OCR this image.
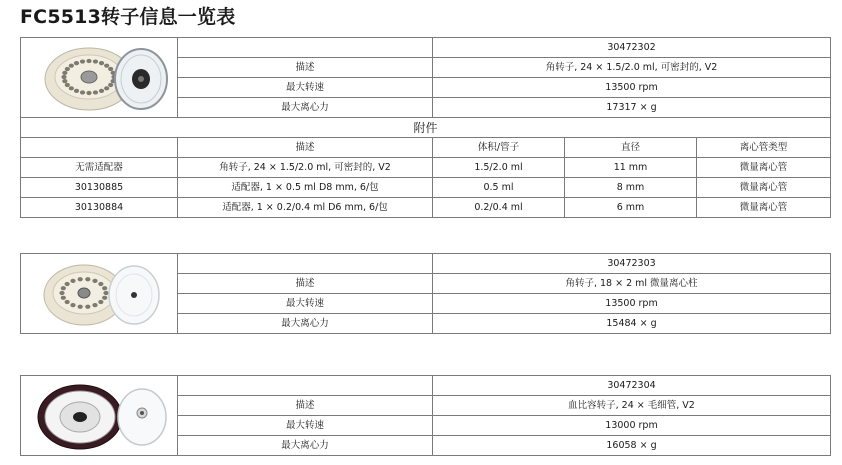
FC5513转子信息一览表
		30472302		
	描述	角转子, 24 × 1.5/2.0 ml, 可密封的, V2		
	最大转速	13500 rpm		
	最大离心力	17317 × g		
附件				
	描述	体积/管子	直径	离心管类型
无需适配器	角转子, 24 × 1.5/2.0 ml, 可密封的, V2	1.5/2.0 ml	11 mm	微量离心管
30130885	适配器, 1 × 0.5 ml D8 mm, 6/包	0.5 ml	8 mm	微量离心管
30130884	适配器, 1 × 0.2/0.4 ml D6 mm, 6/包	0.2/0.4 ml	6 mm	微量离心管
		30472303
	描述	角转子, 18 × 2 ml 微量离心柱
	最大转速	13500 rpm
	最大离心力	15484 × g
		30472304
	描述	血比容转子, 24 × 毛细管, V2
	最大转速	13000 rpm
	最大离心力	16058 × g
